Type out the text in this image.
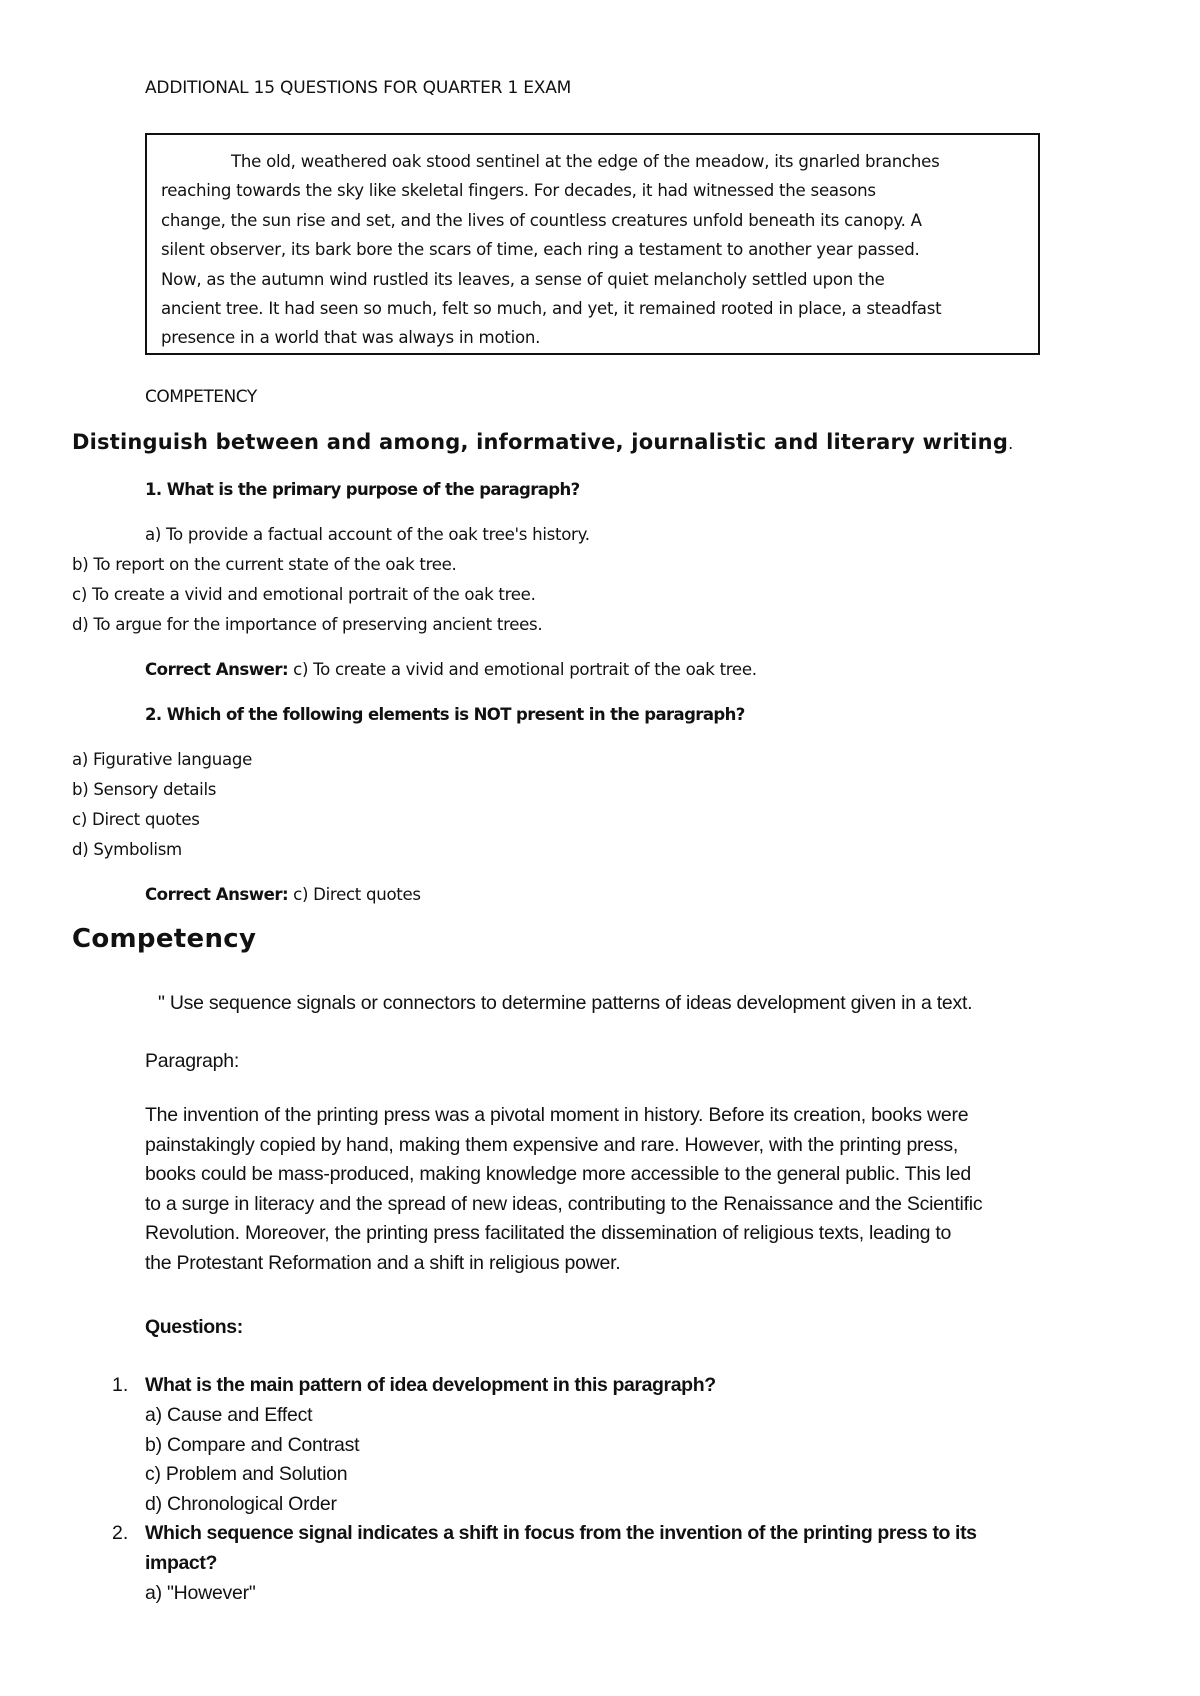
ADDITIONAL 15 QUESTIONS FOR QUARTER 1 EXAM
The old, weathered oak stood sentinel at the edge of the meadow, its gnarled branches
reaching towards the sky like skeletal fingers. For decades, it had witnessed the seasons
change, the sun rise and set, and the lives of countless creatures unfold beneath its canopy. A
silent observer, its bark bore the scars of time, each ring a testament to another year passed.
Now, as the autumn wind rustled its leaves, a sense of quiet melancholy settled upon the
ancient tree. It had seen so much, felt so much, and yet, it remained rooted in place, a steadfast
presence in a world that was always in motion.
COMPETENCY
Distinguish between and among, informative, journalistic and literary writing.
1. What is the primary purpose of the paragraph?
a) To provide a factual account of the oak tree's history.
b) To report on the current state of the oak tree.
c) To create a vivid and emotional portrait of the oak tree.
d) To argue for the importance of preserving ancient trees.
Correct Answer: c) To create a vivid and emotional portrait of the oak tree.
2. Which of the following elements is NOT present in the paragraph?
a) Figurative language
b) Sensory details
c) Direct quotes
d) Symbolism
Correct Answer: c) Direct quotes
Competency
" Use sequence signals or connectors to determine patterns of ideas development given in a text.
Paragraph:
The invention of the printing press was a pivotal moment in history. Before its creation, books were
painstakingly copied by hand, making them expensive and rare. However, with the printing press,
books could be mass-produced, making knowledge more accessible to the general public. This led
to a surge in literacy and the spread of new ideas, contributing to the Renaissance and the Scientific
Revolution. Moreover, the printing press facilitated the dissemination of religious texts, leading to
the Protestant Reformation and a shift in religious power.
Questions:
1. What is the main pattern of idea development in this paragraph?
a) Cause and Effect
b) Compare and Contrast
c) Problem and Solution
d) Chronological Order
2. Which sequence signal indicates a shift in focus from the invention of the printing press to its
impact?
a) "However"
